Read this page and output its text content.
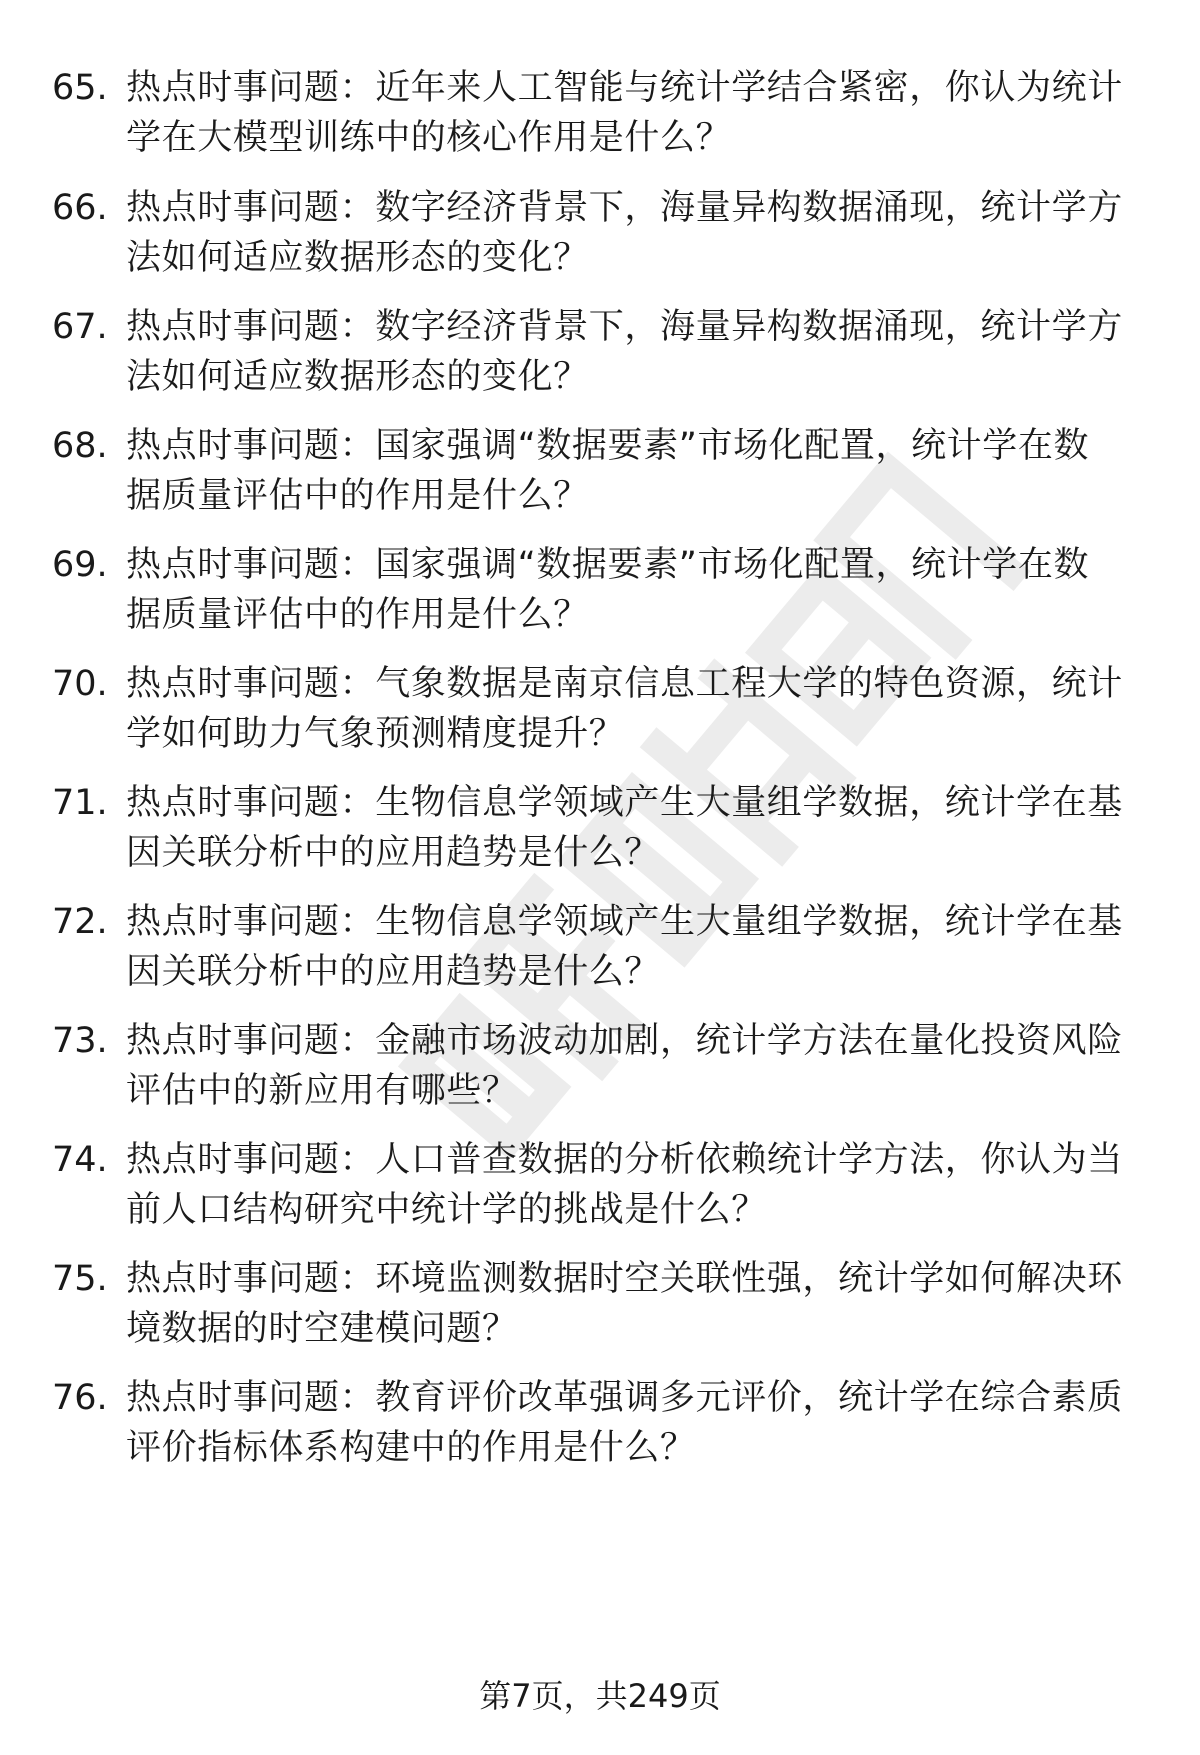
65. 热点时事问题：近年来人工智能与统计学结合紧密，你认为统计
学在大模型训练中的核心作用是什么？
66. 热点时事问题：数字经济背景下，海量异构数据涌现，统计学方
法如何适应数据形态的变化？
67. 热点时事问题：数字经济背景下，海量异构数据涌现，统计学方
法如何适应数据形态的变化？
68. 热点时事问题：国家强调“数据要素”市场化配置，统计学在数
据质量评估中的作用是什么？
69. 热点时事问题：国家强调“数据要素”市场化配置，统计学在数
据质量评估中的作用是什么？
70. 热点时事问题：气象数据是南京信息工程大学的特色资源，统计
学如何助力气象预测精度提升？
71. 热点时事问题：生物信息学领域产生大量组学数据，统计学在基
因关联分析中的应用趋势是什么？
72. 热点时事问题：生物信息学领域产生大量组学数据，统计学在基
因关联分析中的应用趋势是什么？
73. 热点时事问题：金融市场波动加剧，统计学方法在量化投资风险
评估中的新应用有哪些？
74. 热点时事问题：人口普查数据的分析依赖统计学方法，你认为当
前人口结构研究中统计学的挑战是什么？
75. 热点时事问题：环境监测数据时空关联性强，统计学如何解决环
境数据的时空建模问题？
76. 热点时事问题：教育评价改革强调多元评价，统计学在综合素质
评价指标体系构建中的作用是什么？
第7页，共249页
